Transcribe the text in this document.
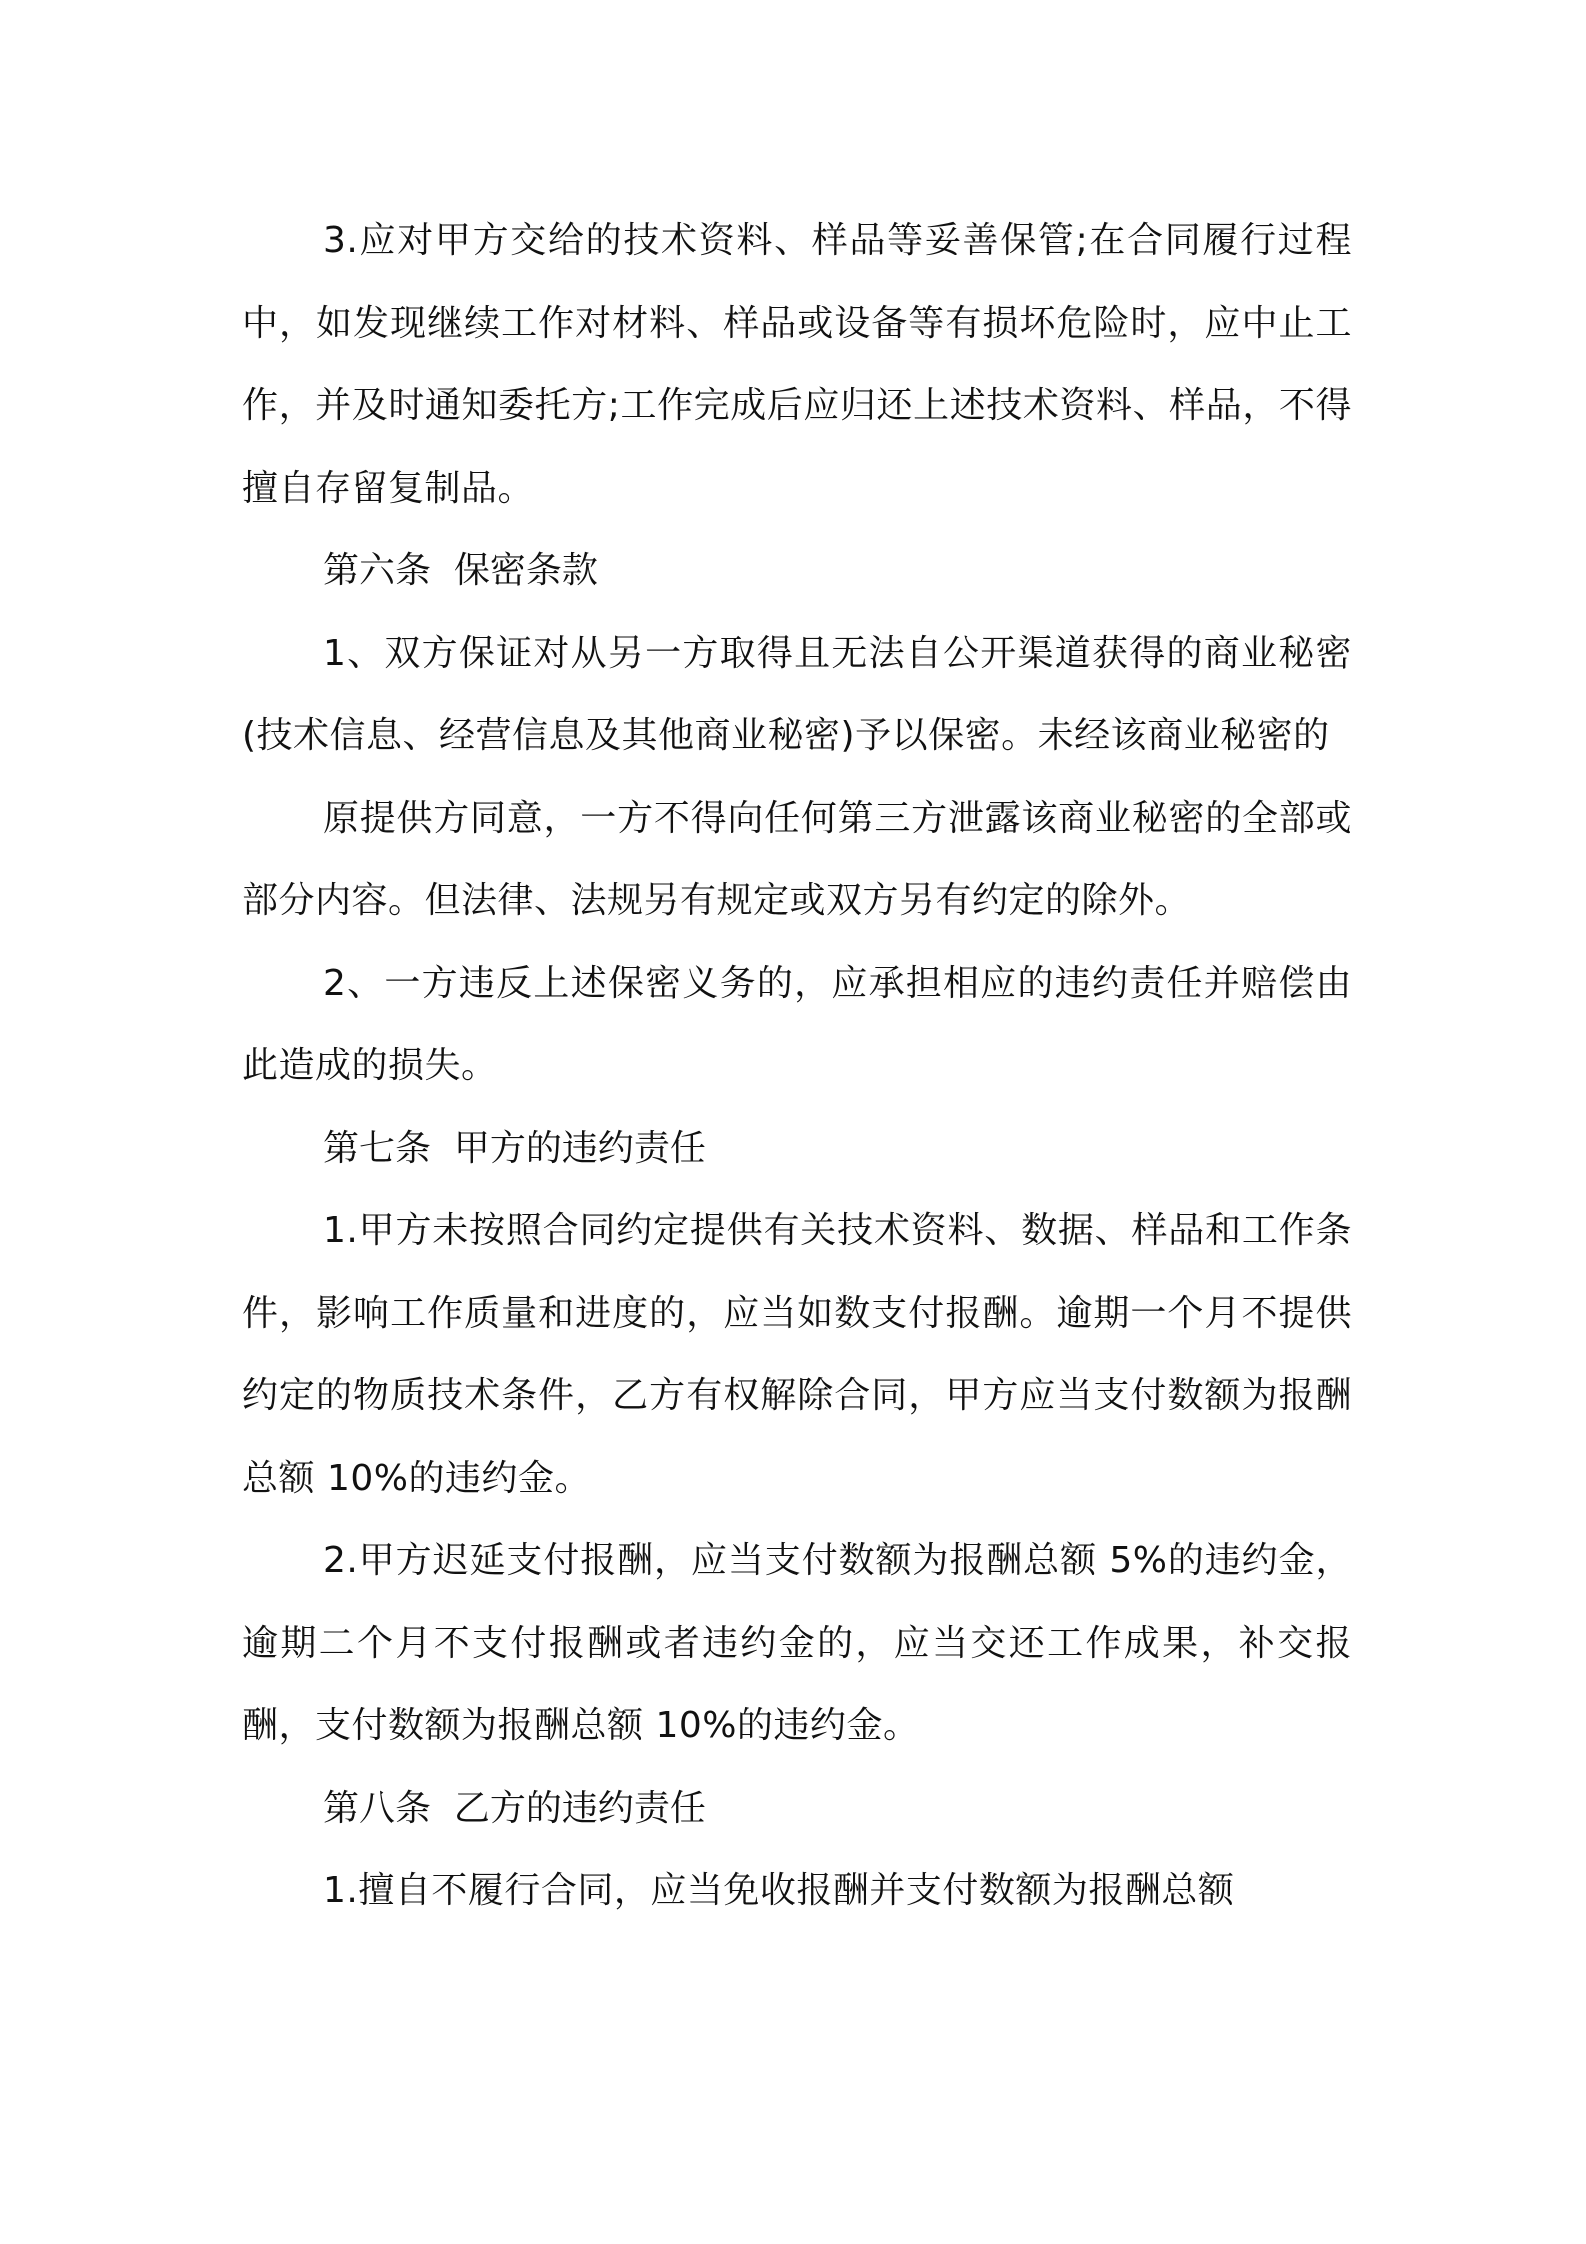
3.应对甲方交给的技术资料、样品等妥善保管;在合同履行过程中，如发现继续工作对材料、样品或设备等有损坏危险时，应中止工作，并及时通知委托方;工作完成后应归还上述技术资料、样品，不得擅自存留复制品。

第六条  保密条款

1、双方保证对从另一方取得且无法自公开渠道获得的商业秘密(技术信息、经营信息及其他商业秘密)予以保密。未经该商业秘密的

原提供方同意，一方不得向任何第三方泄露该商业秘密的全部或部分内容。但法律、法规另有规定或双方另有约定的除外。

2、一方违反上述保密义务的，应承担相应的违约责任并赔偿由此造成的损失。

第七条  甲方的违约责任

1.甲方未按照合同约定提供有关技术资料、数据、样品和工作条件，影响工作质量和进度的，应当如数支付报酬。逾期一个月不提供约定的物质技术条件，乙方有权解除合同，甲方应当支付数额为报酬总额 10%的违约金。

2.甲方迟延支付报酬，应当支付数额为报酬总额 5%的违约金，逾期二个月不支付报酬或者违约金的，应当交还工作成果，补交报酬，支付数额为报酬总额 10%的违约金。

第八条  乙方的违约责任

1.擅自不履行合同，应当免收报酬并支付数额为报酬总额
